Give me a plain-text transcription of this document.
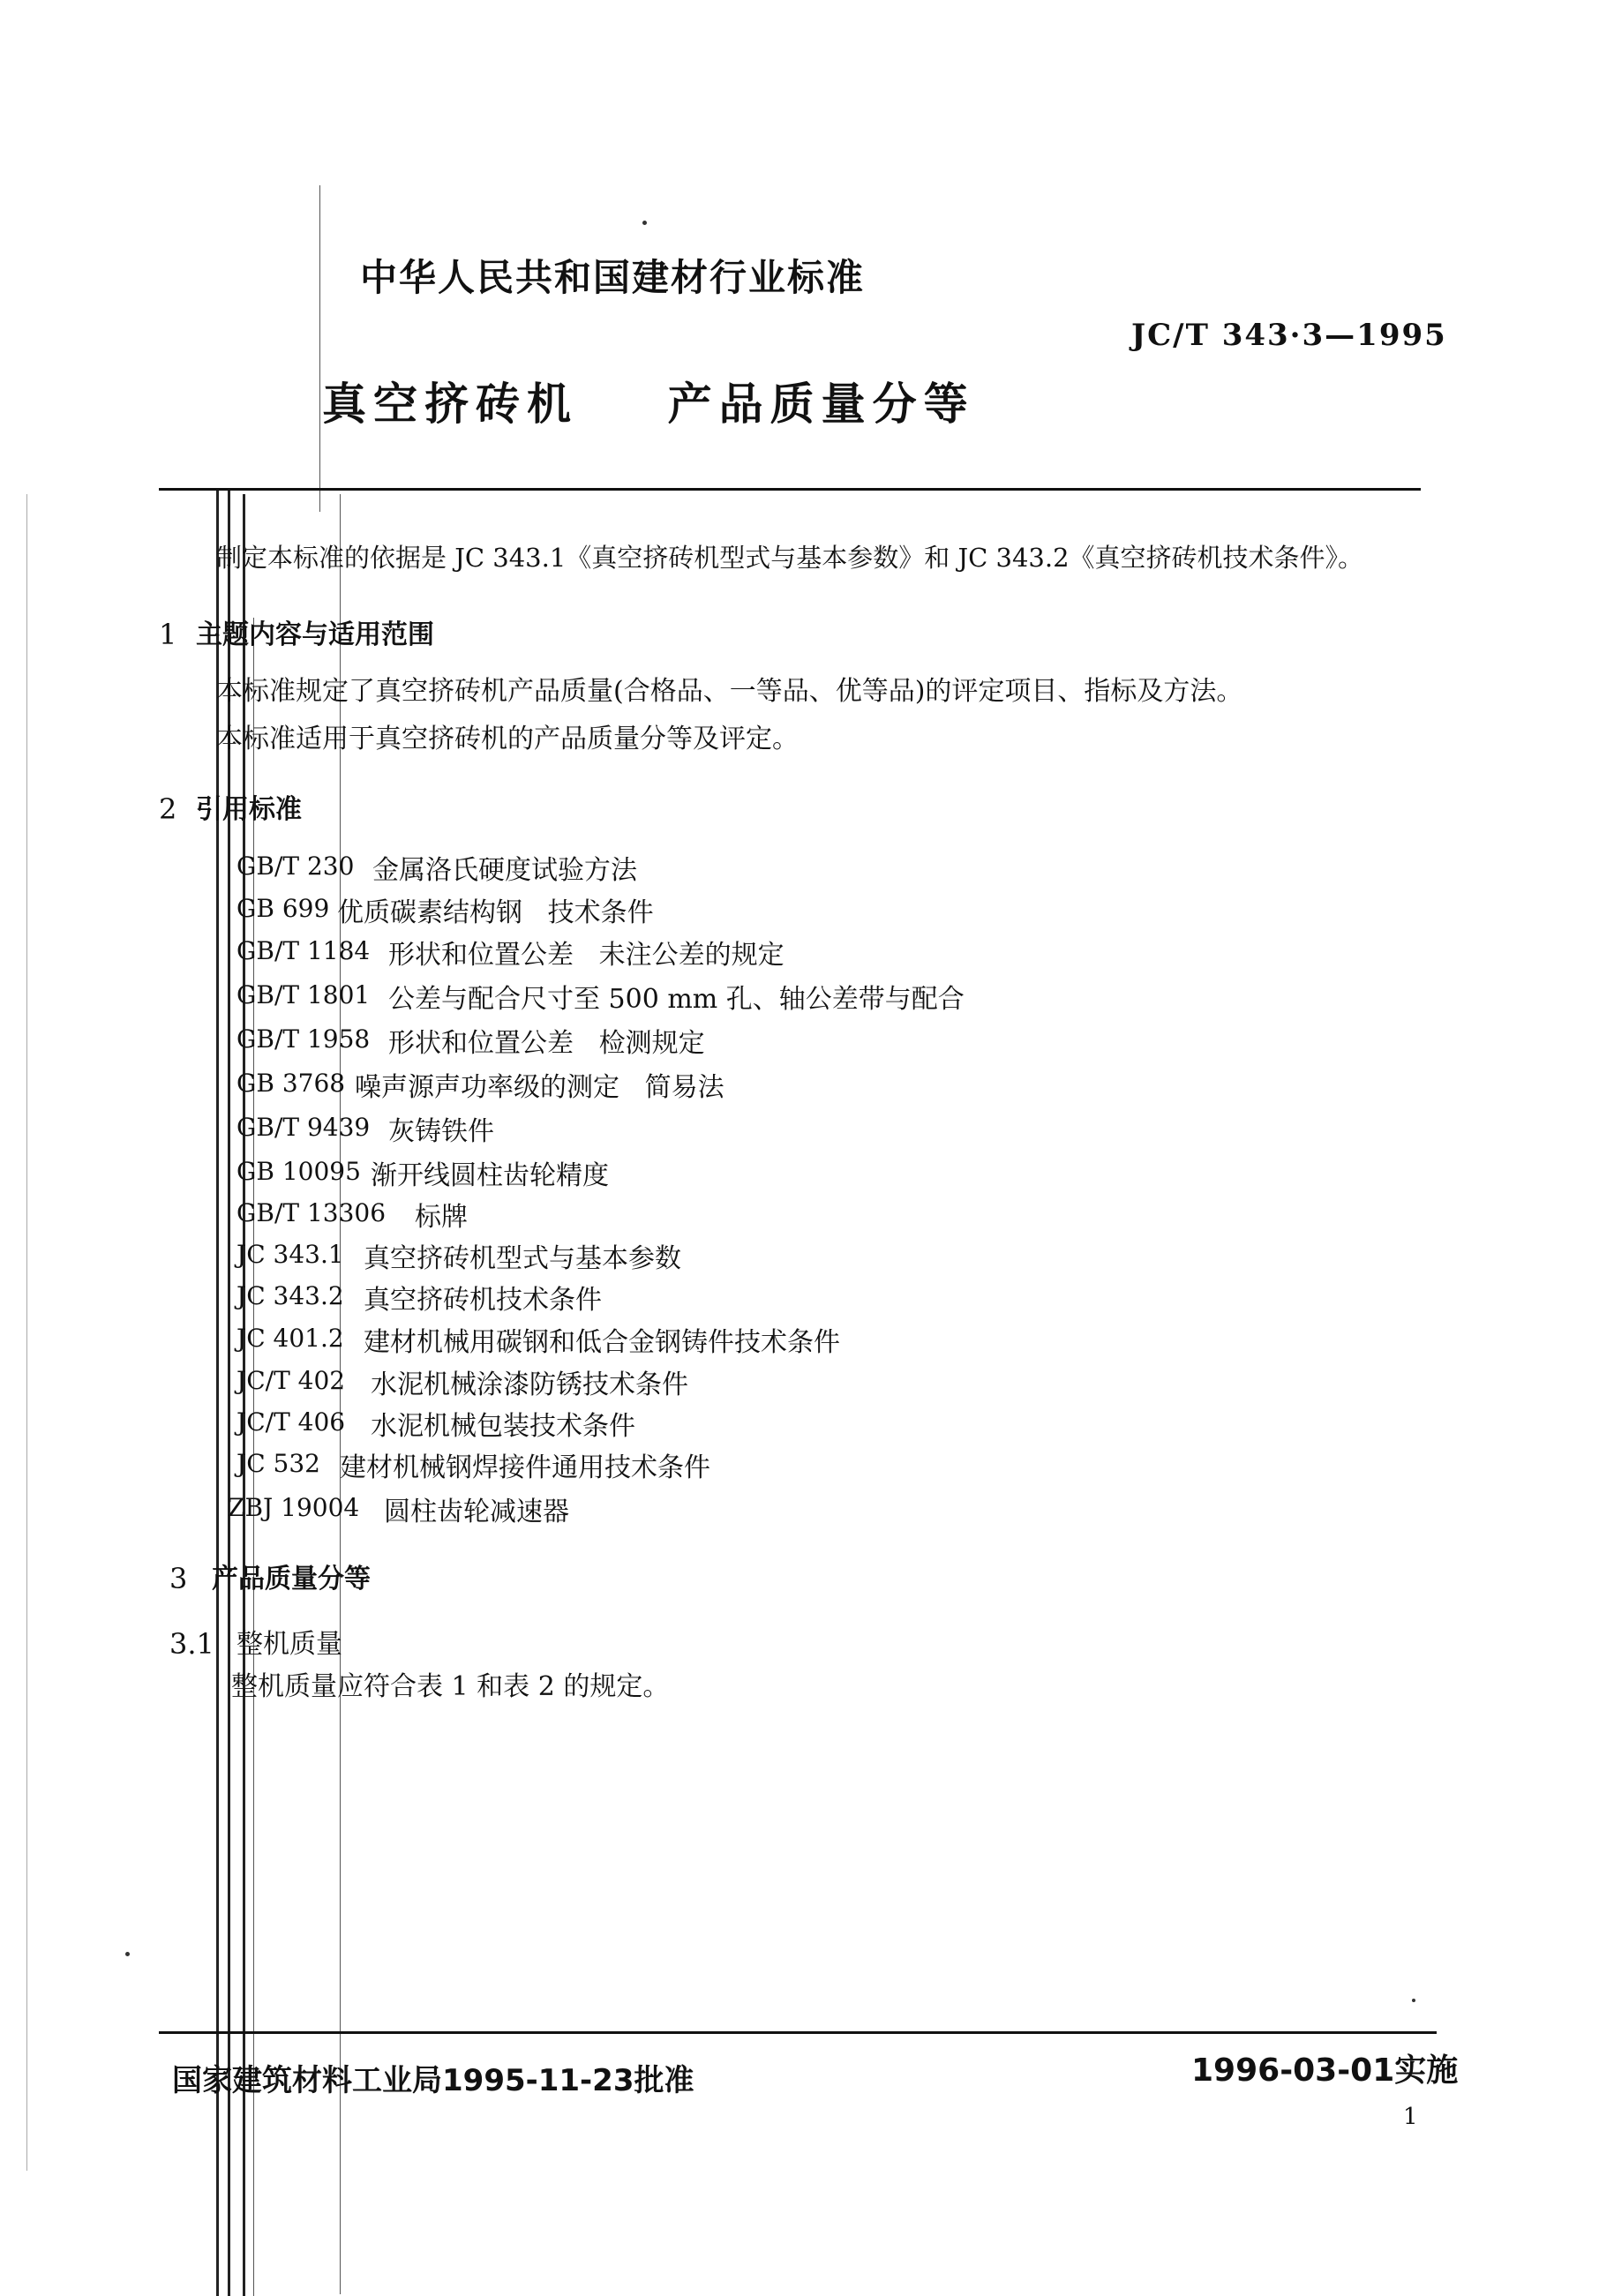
中华人民共和国建材行业标准
JC/T 343·3—1995
真空挤砖机    产品质量分等
制定本标准的依据是 JC 343.1《真空挤砖机型式与基本参数》和 JC 343.2《真空挤砖机技术条件》。
1 主题内容与适用范围
本标准规定了真空挤砖机产品质量(合格品、一等品、优等品)的评定项目、指标及方法。
本标准适用于真空挤砖机的产品质量分等及评定。
2 引用标准
GB/T 230 金属洛氏硬度试验方法
GB 699 优质碳素结构钢   技术条件
GB/T 1184 形状和位置公差   未注公差的规定
GB/T 1801 公差与配合尺寸至 500 mm 孔、轴公差带与配合
GB/T 1958 形状和位置公差   检测规定
GB 3768 噪声源声功率级的测定   简易法
GB/T 9439 灰铸铁件
GB 10095 渐开线圆柱齿轮精度
GB/T 13306 标牌
JC 343.1 真空挤砖机型式与基本参数
JC 343.2 真空挤砖机技术条件
JC 401.2 建材机械用碳钢和低合金钢铸件技术条件
JC/T 402 水泥机械涂漆防锈技术条件
JC/T 406 水泥机械包装技术条件
JC 532 建材机械钢焊接件通用技术条件
ZBJ 19004 圆柱齿轮减速器
3 产品质量分等
3.1 整机质量
整机质量应符合表 1 和表 2 的规定。
国家建筑材料工业局1995-11-23批准	1996-03-01实施
1
